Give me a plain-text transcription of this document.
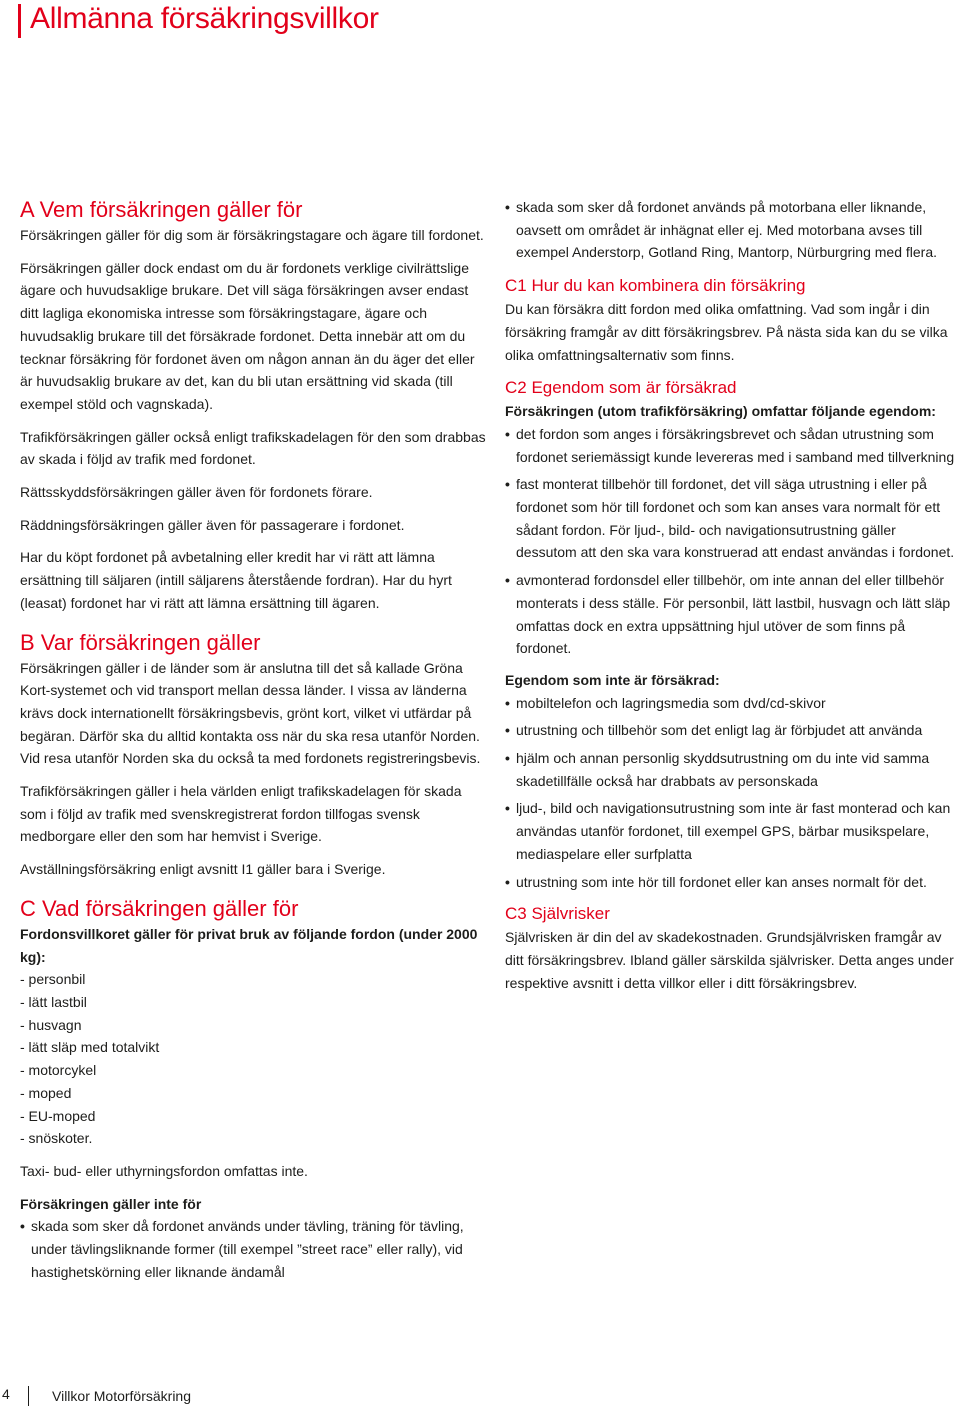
Allmänna försäkringsvillkor
A Vem försäkringen gäller för

Försäkringen gäller för dig som är försäkringstagare och ägare till fordonet.

Försäkringen gäller dock endast om du är fordonets verklige civilrättslige ägare och huvudsaklige brukare. Det vill säga försäkringen avser endast ditt lagliga ekonomiska intresse som försäkringstagare, ägare och huvudsaklig brukare till det försäkrade fordonet. Detta innebär att om du tecknar försäkring för fordonet även om någon annan än du äger det eller är huvudsaklig brukare av det, kan du bli utan ersättning vid skada (till exempel stöld och vagnskada).

Trafikförsäkringen gäller också enligt trafikskadelagen för den som drabbas av skada i följd av trafik med fordonet.

Rättsskyddsförsäkringen gäller även för fordonets förare.

Räddningsförsäkringen gäller även för passagerare i fordonet.

Har du köpt fordonet på avbetalning eller kredit har vi rätt att lämna ersättning till säljaren (intill säljarens återstående fordran). Har du hyrt (leasat) fordonet har vi rätt att lämna ersättning till ägaren.

B Var försäkringen gäller

Försäkringen gäller i de länder som är anslutna till det så kallade Gröna Kort-systemet och vid transport mellan dessa länder. I vissa av länderna krävs dock internationellt försäkringsbevis, grönt kort, vilket vi utfärdar på begäran. Därför ska du alltid kontakta oss när du ska resa utanför Norden. Vid resa utanför Norden ska du också ta med fordonets registreringsbevis.

Trafikförsäkringen gäller i hela världen enligt trafikskadelagen för skada som i följd av trafik med svenskregistrerat fordon tillfogas svensk medborgare eller den som har hemvist i Sverige.

Avställningsförsäkring enligt avsnitt I1 gäller bara i Sverige.

C Vad försäkringen gäller för

Fordonsvillkoret gäller för privat bruk av följande fordon (under 2000 kg):

- personbil
- lätt lastbil
- husvagn
- lätt släp med totalvikt
- motorcykel
- moped
- EU-moped
- snöskoter.

Taxi- bud- eller uthyrningsfordon omfattas inte.

Försäkringen gäller inte för

• skada som sker då fordonet används under tävling, träning för tävling, under tävlingsliknande former (till exempel ”street race” eller rally), vid hastighetskörning eller liknande ändamål
• skada som sker då fordonet används på motorbana eller liknande, oavsett om området är inhägnat eller ej. Med motorbana avses till exempel Anderstorp, Gotland Ring, Mantorp, Nürburgring med flera.
C1 Hur du kan kombinera din försäkring

Du kan försäkra ditt fordon med olika omfattning. Vad som ingår i din försäkring framgår av ditt försäkringsbrev. På nästa sida kan du se vilka olika omfattningsalternativ som finns.

C2 Egendom som är försäkrad

Försäkringen (utom trafikförsäkring) omfattar följande egendom:

• det fordon som anges i försäkringsbrevet och sådan utrustning som fordonet seriemässigt kunde levereras med i samband med tillverkning
• fast monterat tillbehör till fordonet, det vill säga utrustning i eller på fordonet som hör till fordonet och som kan anses vara normalt för ett sådant fordon. För ljud-, bild- och navigationsutrustning gäller dessutom att den ska vara konstruerad att endast användas i fordonet.
• avmonterad fordonsdel eller tillbehör, om inte annan del eller tillbehör monterats i dess ställe. För personbil, lätt lastbil, husvagn och lätt släp omfattas dock en extra uppsättning hjul utöver de som finns på fordonet.

Egendom som inte är försäkrad:

• mobiltelefon och lagringsmedia som dvd/cd-skivor
• utrustning och tillbehör som det enligt lag är förbjudet att använda
• hjälm och annan personlig skyddsutrustning om du inte vid samma skadetillfälle också har drabbats av personskada
• ljud-, bild och navigationsutrustning som inte är fast monterad och kan användas utanför fordonet, till exempel GPS, bärbar musikspelare, mediaspelare eller surfplatta
• utrustning som inte hör till fordonet eller kan anses normalt för det.
C3 Självrisker

Självrisken är din del av skadekostnaden. Grundsjälvrisken framgår av ditt försäkringsbrev. Ibland gäller särskilda självrisker. Detta anges under respektive avsnitt i detta villkor eller i ditt försäkringsbrev.

4	Villkor Motorförsäkring
